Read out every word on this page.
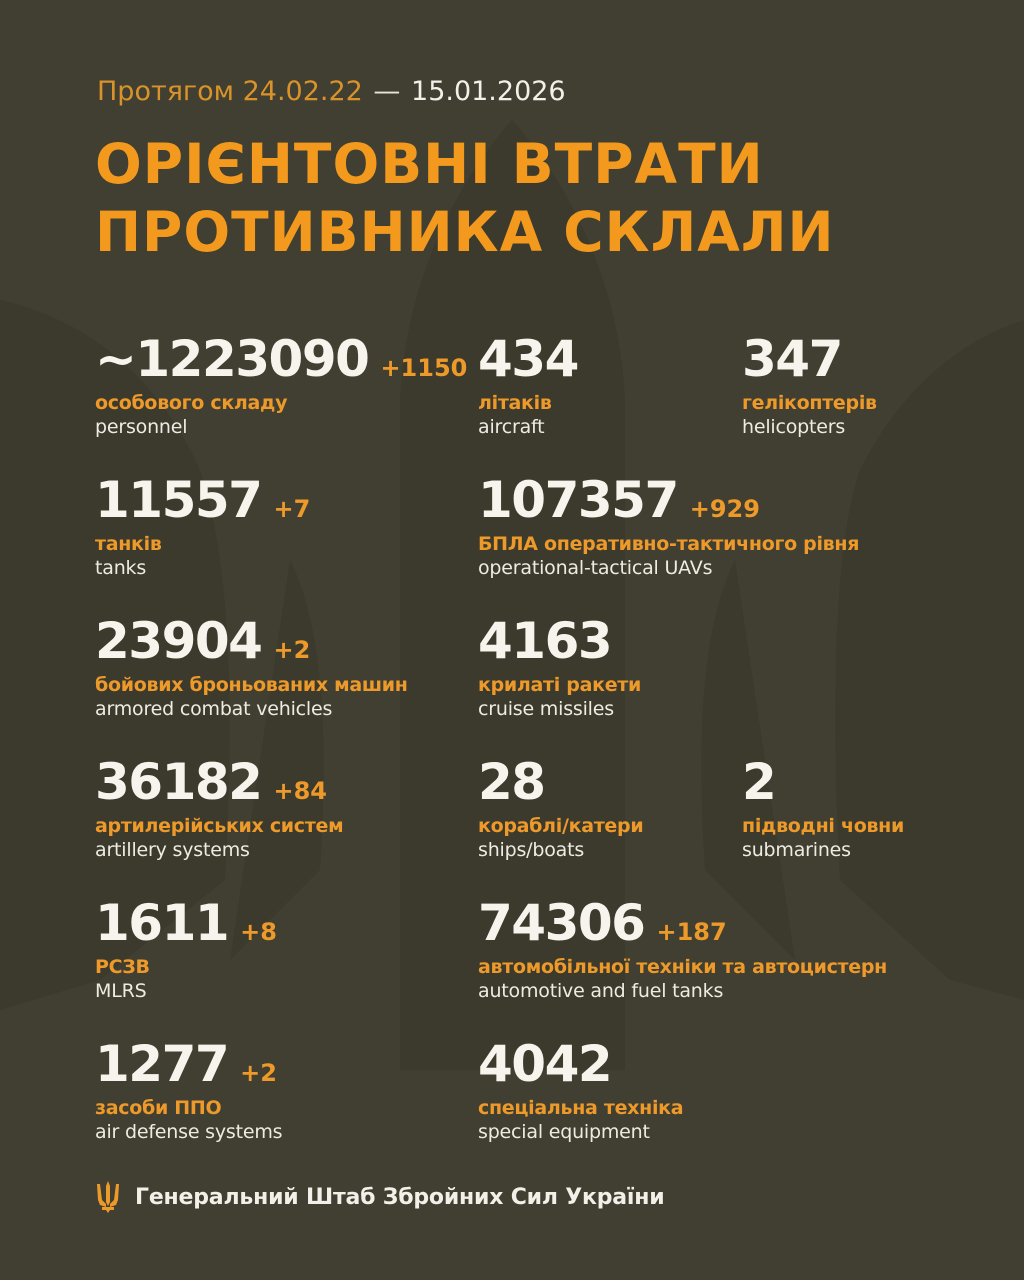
Протягом 24.02.22 — 15.01.2026
ОРІЄНТОВНІ ВТРАТИ
ПРОТИВНИКА СКЛАЛИ
~1223090 +1150
особового складу
personnel
434
літаків
aircraft
347
гелікоптерів
helicopters
11557 +7
танків
tanks
107357 +929
БПЛА оперативно-тактичного рівня
operational-tactical UAVs
23904 +2
бойових броньованих машин
armored combat vehicles
4163
крилаті ракети
cruise missiles
36182 +84
артилерійських систем
artillery systems
28
кораблі/катери
ships/boats
2
підводні човни
submarines
1611 +8
РСЗВ
MLRS
74306 +187
автомобільної техніки та автоцистерн
automotive and fuel tanks
1277 +2
засоби ППО
air defense systems
4042
спеціальна техніка
special equipment
Генеральний Штаб Збройних Сил України
